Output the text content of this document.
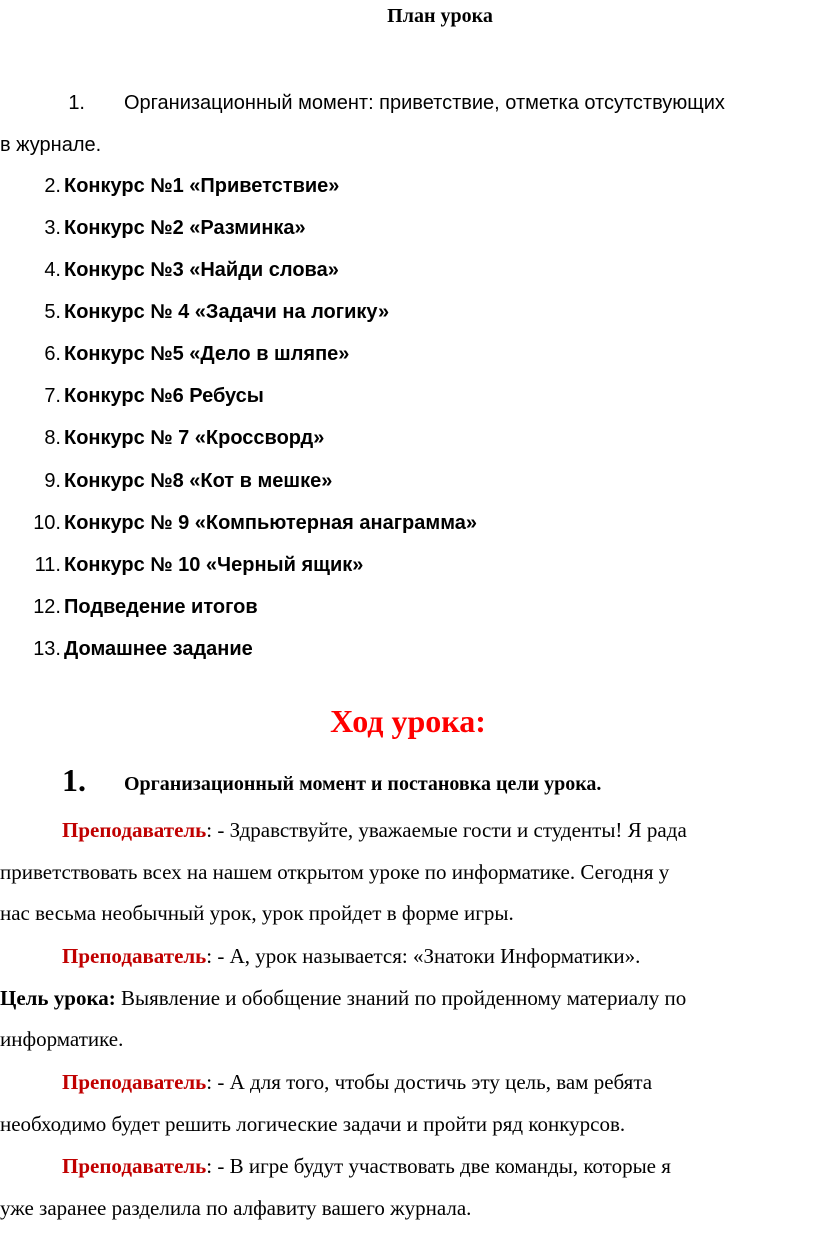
План урока
1. Организационный момент: приветствие, отметка отсутствующих
в журнале.
2. Конкурс №1 «Приветствие»
3. Конкурс №2 «Разминка»
4. Конкурс №3 «Найди слова»
5. Конкурс № 4 «Задачи на логику»
6. Конкурс №5 «Дело в шляпе»
7. Конкурс №6 Ребусы
8. Конкурс № 7 «Кроссворд»
9. Конкурс №8 «Кот в мешке»
10. Конкурс № 9 «Компьютерная анаграмма»
11. Конкурс № 10 «Черный ящик»
12. Подведение итогов
13. Домашнее задание
Ход урока:
1. Организационный момент и постановка цели урока.
Преподаватель: - Здравствуйте, уважаемые гости и студенты! Я рада
приветствовать всех на нашем открытом уроке по информатике. Сегодня у
нас весьма необычный урок, урок пройдет в форме игры.
Преподаватель: - А, урок называется: «Знатоки Информатики».
Цель урока: Выявление и обобщение знаний по пройденному материалу по
информатике.
Преподаватель: - А для того, чтобы достичь эту цель, вам ребята
необходимо будет решить логические задачи и пройти ряд конкурсов.
Преподаватель: - В игре будут участвовать две команды, которые я
уже заранее разделила по алфавиту вашего журнала.
